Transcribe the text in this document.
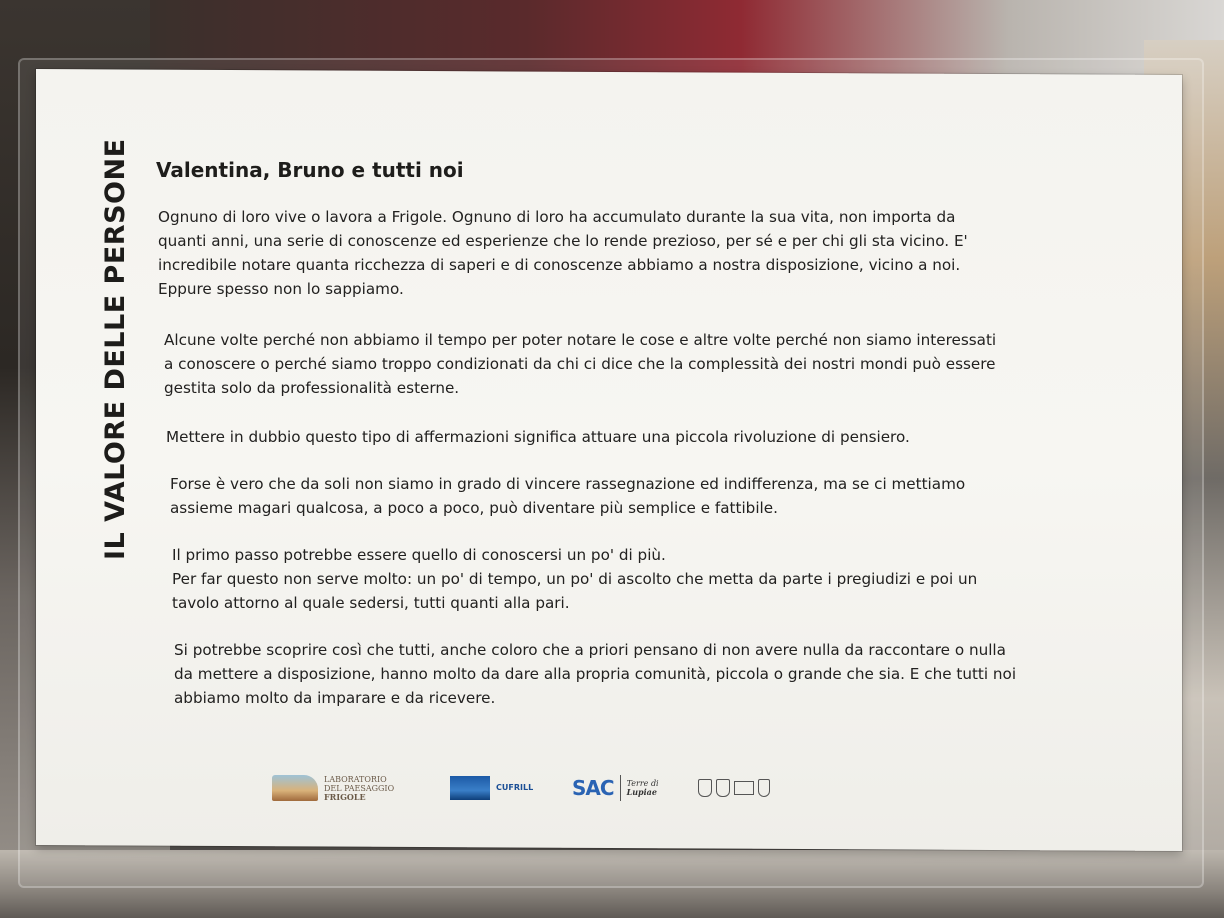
IL VALORE DELLE PERSONE Valentina, Bruno e tutti noi
Ognuno di loro vive o lavora a Frigole. Ognuno di loro ha accumulato durante la sua vita, non importa da
quanti anni, una serie di conoscenze ed esperienze che lo rende prezioso, per sé e per chi gli sta vicino. E'
incredibile notare quanta ricchezza di saperi e di conoscenze abbiamo a nostra disposizione, vicino a noi.
Eppure spesso non lo sappiamo.
Alcune volte perché non abbiamo il tempo per poter notare le cose e altre volte perché non siamo interessati
a conoscere o perché siamo troppo condizionati da chi ci dice che la complessità dei nostri mondi può essere
gestita solo da professionalità esterne.
Mettere in dubbio questo tipo di affermazioni significa attuare una piccola rivoluzione di pensiero.
Forse è vero che da soli non siamo in grado di vincere rassegnazione ed indifferenza, ma se ci mettiamo
assieme magari qualcosa, a poco a poco, può diventare più semplice e fattibile.
Il primo passo potrebbe essere quello di conoscersi un po' di più.
Per far questo non serve molto: un po' di tempo, un po' di ascolto che metta da parte i pregiudizi e poi un
tavolo attorno al quale sedersi, tutti quanti alla pari.
Si potrebbe scoprire così che tutti, anche coloro che a priori pensano di non avere nulla da raccontare o nulla
da mettere a disposizione, hanno molto da dare alla propria comunità, piccola o grande che sia. E che tutti noi
abbiamo molto da imparare e da ricevere.
LABORATORIO
DEL PAESAGGIO
FRIGOLE
CUFRILL SAC Terre di
Lupiae
